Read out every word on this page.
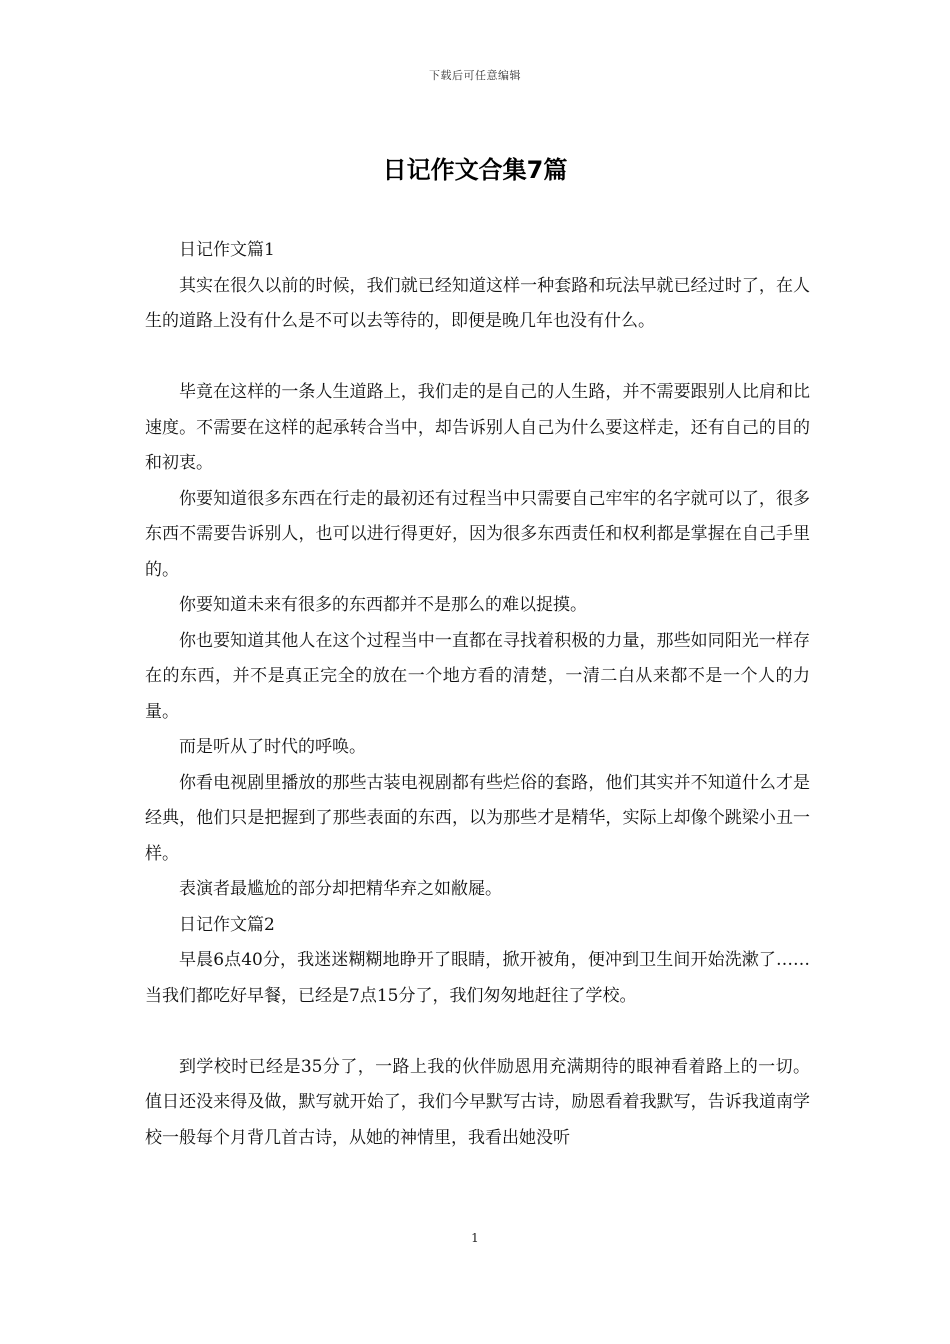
下载后可任意编辑
日记作文合集7篇

日记作文篇1

其实在很久以前的时候，我们就已经知道这样一种套路和玩法早就已经过时了，在人生的道路上没有什么是不可以去等待的，即便是晚几年也没有什么。

毕竟在这样的一条人生道路上，我们走的是自己的人生路，并不需要跟别人比肩和比速度。不需要在这样的起承转合当中，却告诉别人自己为什么要这样走，还有自己的目的和初衷。

你要知道很多东西在行走的最初还有过程当中只需要自己牢牢的名字就可以了，很多东西不需要告诉别人，也可以进行得更好，因为很多东西责任和权利都是掌握在自己手里的。

你要知道未来有很多的东西都并不是那么的难以捉摸。

你也要知道其他人在这个过程当中一直都在寻找着积极的力量，那些如同阳光一样存在的东西，并不是真正完全的放在一个地方看的清楚，一清二白从来都不是一个人的力量。

而是听从了时代的呼唤。

你看电视剧里播放的那些古装电视剧都有些烂俗的套路，他们其实并不知道什么才是经典，他们只是把握到了那些表面的东西，以为那些才是精华，实际上却像个跳梁小丑一样。

表演者最尴尬的部分却把精华弃之如敝屣。

日记作文篇2

早晨6点40分，我迷迷糊糊地睁开了眼睛，掀开被角，便冲到卫生间开始洗漱了……当我们都吃好早餐，已经是7点15分了，我们匆匆地赶往了学校。

到学校时已经是35分了，一路上我的伙伴励恩用充满期待的眼神看着路上的一切。值日还没来得及做，默写就开始了，我们今早默写古诗，励恩看着我默写，告诉我道南学校一般每个月背几首古诗，从她的神情里，我看出她没听

1
